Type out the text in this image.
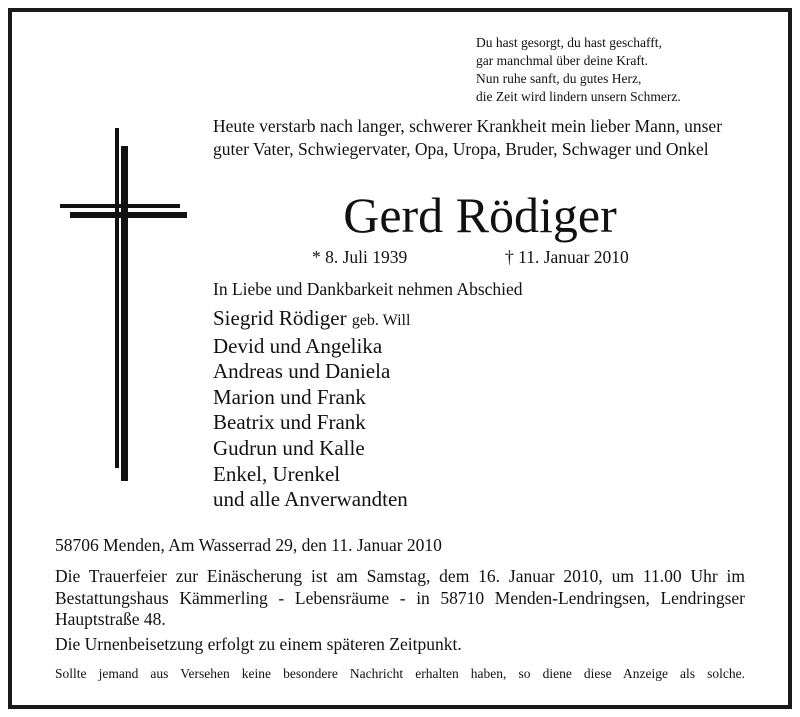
Du hast gesorgt, du hast geschafft,
gar manchmal über deine Kraft.
Nun ruhe sanft, du gutes Herz,
die Zeit wird lindern unsern Schmerz.
Heute verstarb nach langer, schwerer Krankheit mein lieber Mann, unser guter Vater, Schwiegervater, Opa, Uropa, Bruder, Schwager und Onkel
Gerd Rödiger
* 8. Juli 1939	† 11. Januar 2010
In Liebe und Dankbarkeit nehmen Abschied
Siegrid Rödiger geb. Will
Devid und Angelika
Andreas und Daniela
Marion und Frank
Beatrix und Frank
Gudrun und Kalle
Enkel, Urenkel
und alle Anverwandten
58706 Menden, Am Wasserrad 29, den 11. Januar 2010
Die Trauerfeier zur Einäscherung ist am Samstag, dem 16. Januar 2010, um 11.00 Uhr im Bestattungshaus Kämmerling - Lebensräume - in 58710 Menden-Lendringsen, Lendringser Hauptstraße 48.
Die Urnenbeisetzung erfolgt zu einem späteren Zeitpunkt.
Sollte jemand aus Versehen keine besondere Nachricht erhalten haben, so diene diese Anzeige als solche.
